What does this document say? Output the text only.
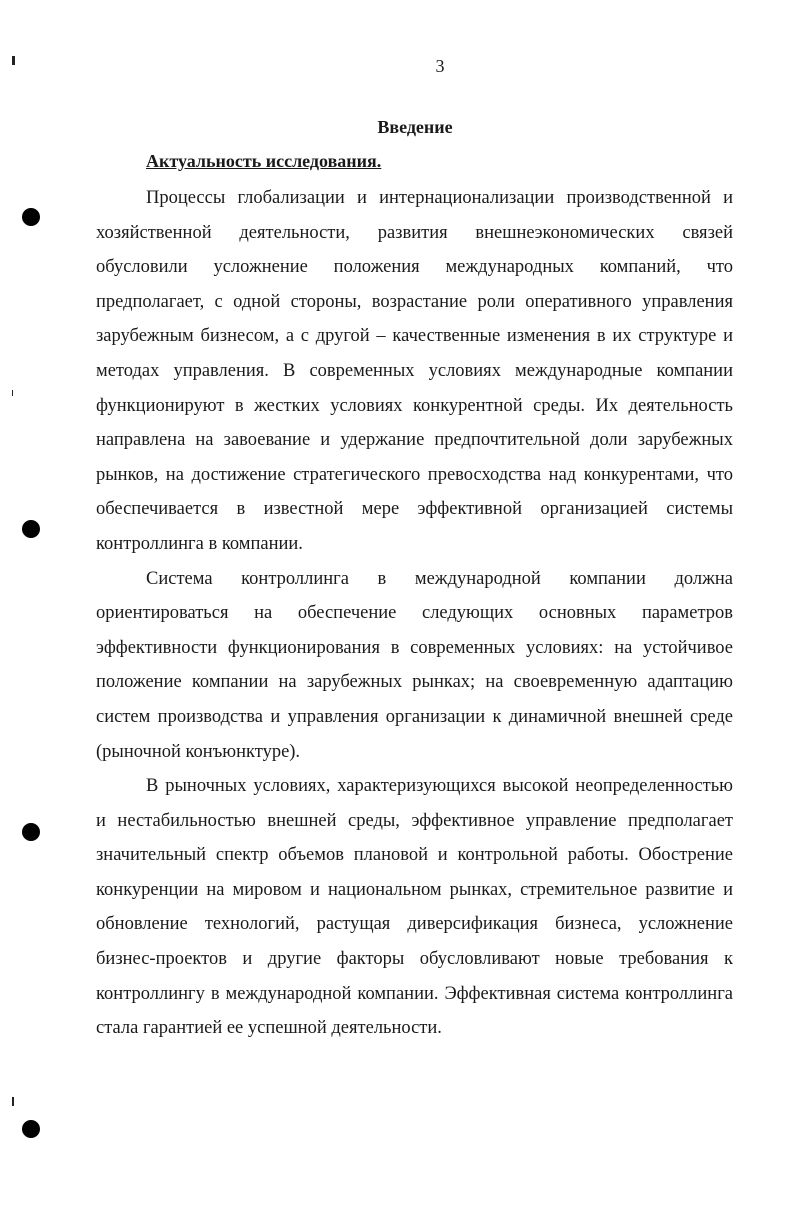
3
Введение
Актуальность исследования.

Процессы глобализации и интернационализации производственной и хозяйственной деятельности, развития внешнеэкономических связей обусловили усложнение положения международных компаний, что предполагает, с одной стороны, возрастание роли оперативного управления зарубежным бизнесом, а с другой – качественные изменения в их структуре и методах управления. В современных условиях международные компании функционируют в жестких условиях конкурентной среды. Их деятельность направлена на завоевание и удержание предпочтительной доли зарубежных рынков, на достижение стратегического превосходства над конкурентами, что обеспечивается в известной мере эффективной организацией системы контроллинга в компании.

Система контроллинга в международной компании должна ориентироваться на обеспечение следующих основных параметров эффективности функционирования в современных условиях: на устойчивое положение компании на зарубежных рынках; на своевременную адаптацию систем производства и управления организации к динамичной внешней среде (рыночной конъюнктуре).

В рыночных условиях, характеризующихся высокой неопределенностью и нестабильностью внешней среды, эффективное управление предполагает значительный спектр объемов плановой и контрольной работы. Обострение конкуренции на мировом и национальном рынках, стремительное развитие и обновление технологий, растущая диверсификация бизнеса, усложнение бизнес-проектов и другие факторы обусловливают новые требования к контроллингу в международной компании. Эффективная система контроллинга стала гарантией ее успешной деятельности.
